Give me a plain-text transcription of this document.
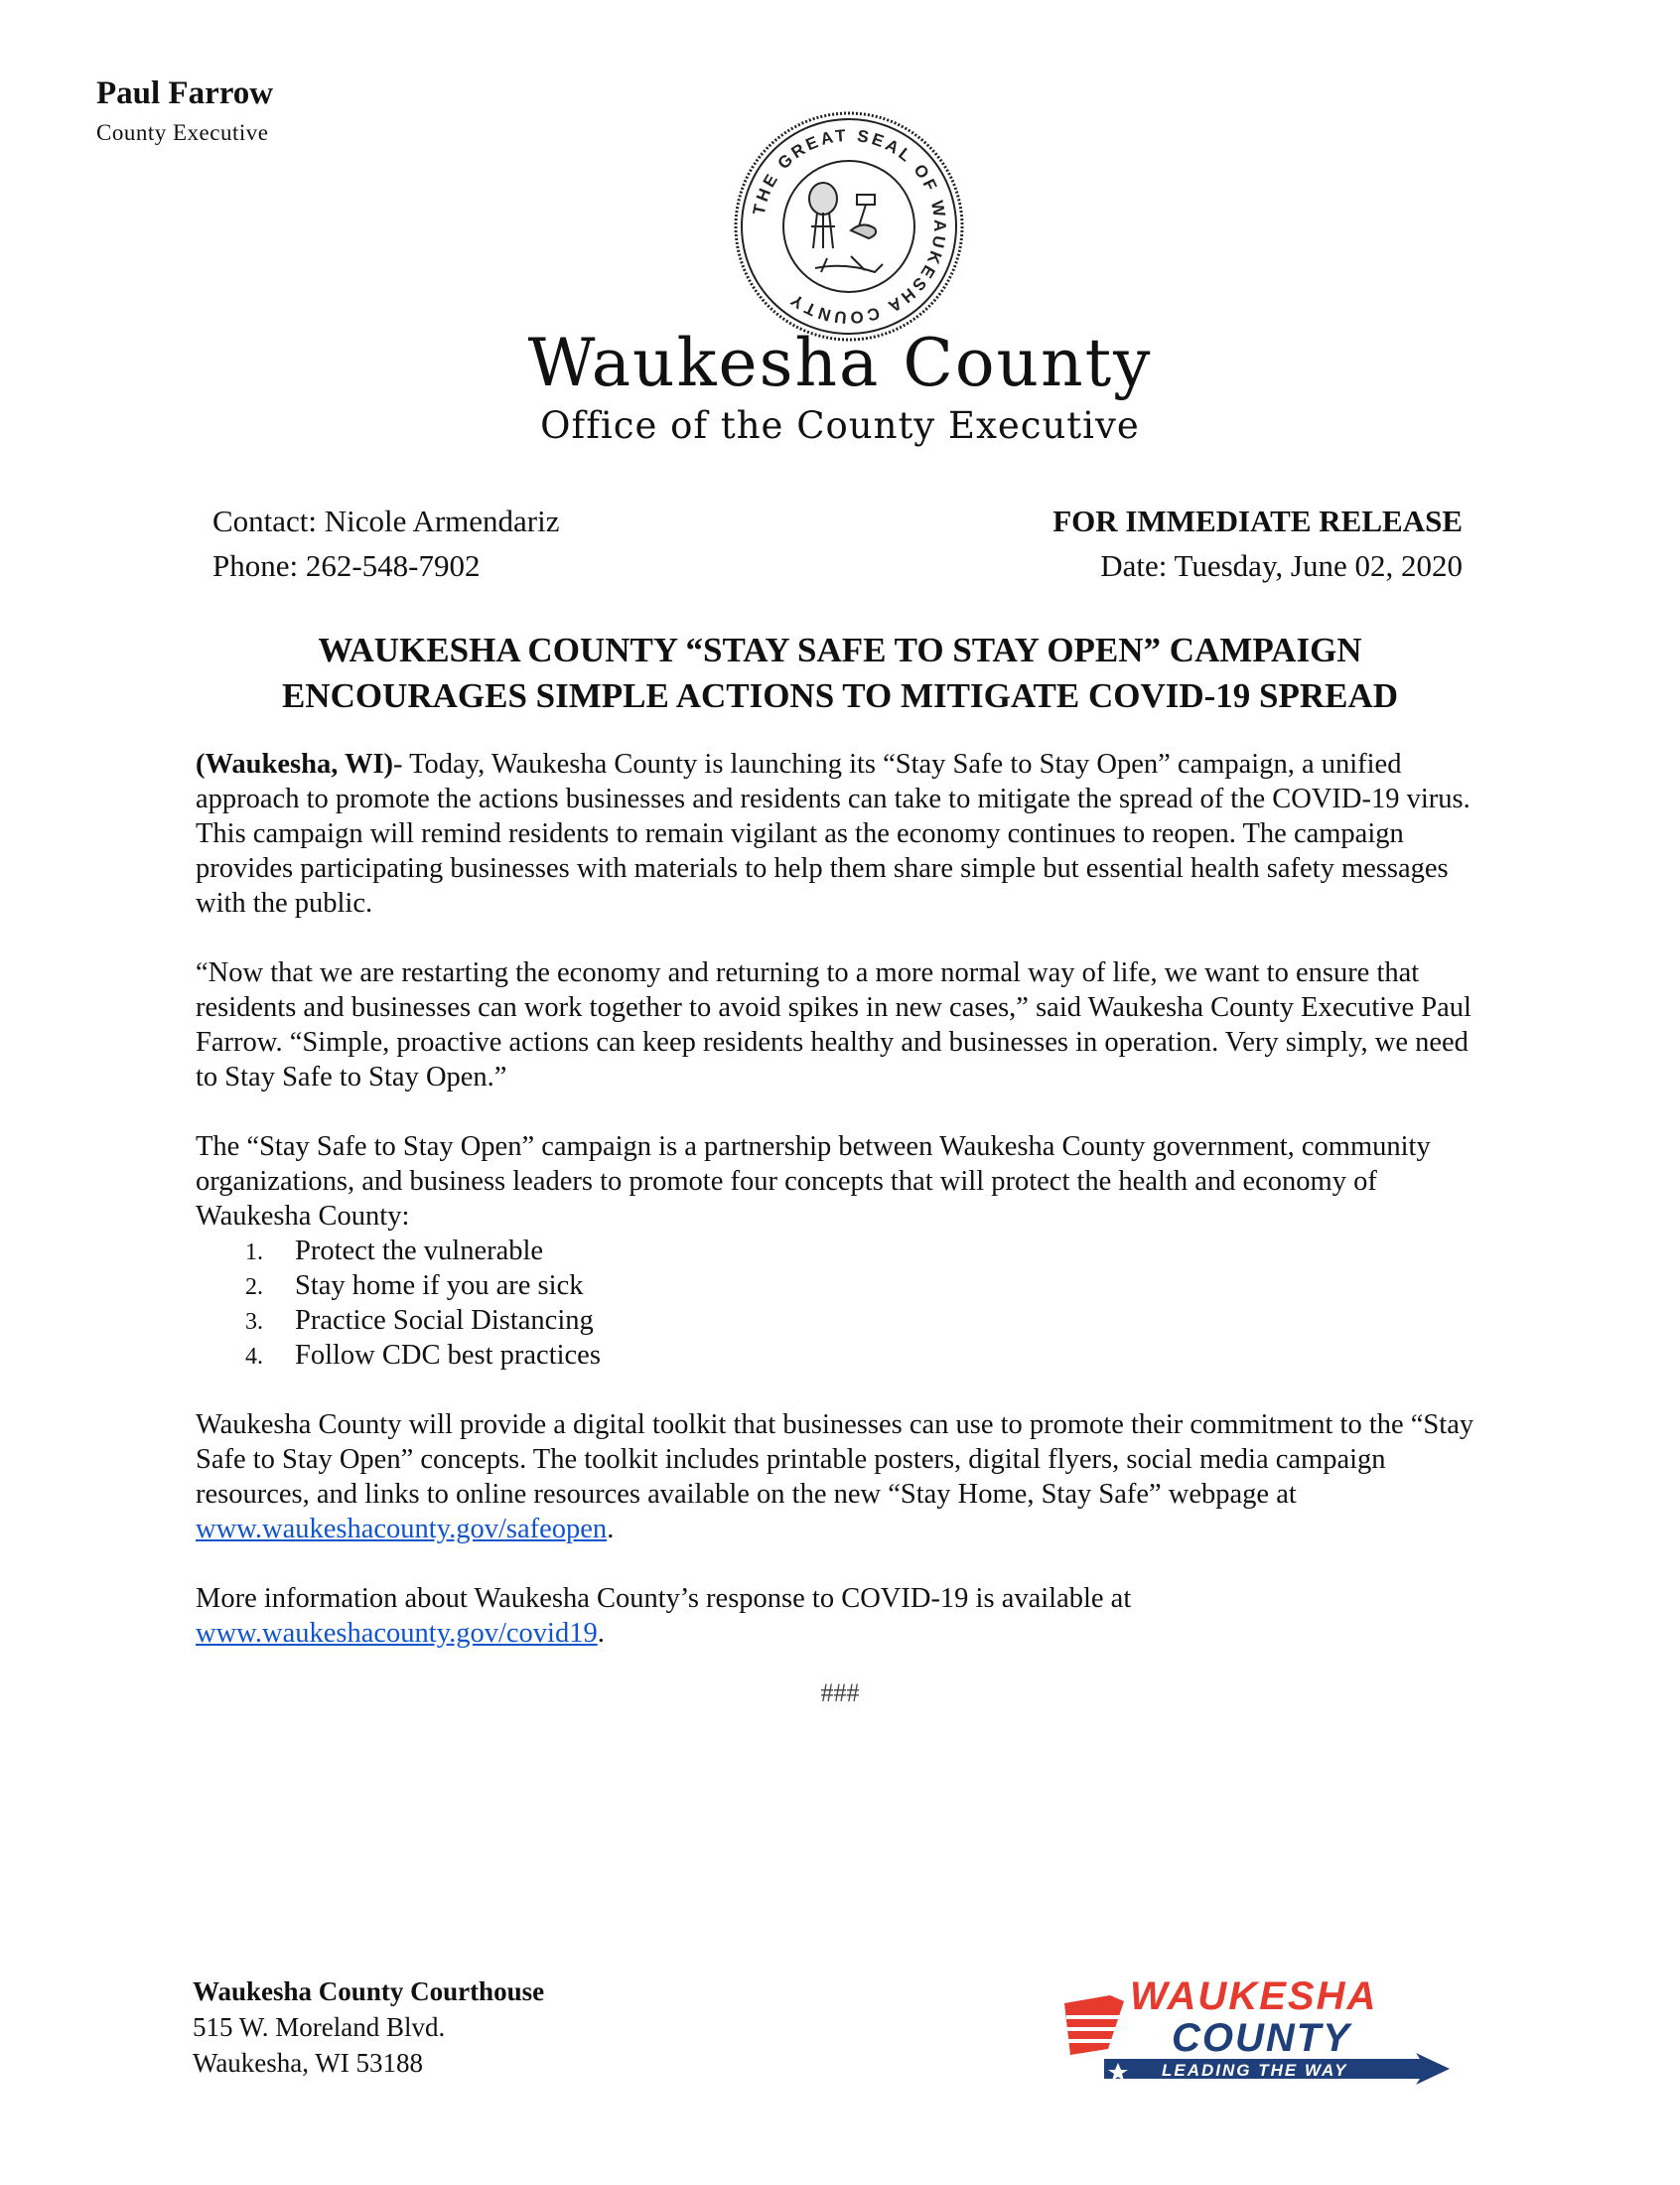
Paul Farrow
County Executive
THE GREAT SEAL OF WAUKESHA COUNTY
Waukesha County
Office of the County Executive
Contact: Nicole Armendariz
Phone: 262-548-7902
FOR IMMEDIATE RELEASE
Date: Tuesday, June 02, 2020
WAUKESHA COUNTY “STAY SAFE TO STAY OPEN” CAMPAIGN
ENCOURAGES SIMPLE ACTIONS TO MITIGATE COVID-19 SPREAD

(Waukesha, WI)- Today, Waukesha County is launching its “Stay Safe to Stay Open” campaign, a unified approach to promote the actions businesses and residents can take to mitigate the spread of the COVID-19 virus. This campaign will remind residents to remain vigilant as the economy continues to reopen. The campaign provides participating businesses with materials to help them share simple but essential health safety messages with the public.

“Now that we are restarting the economy and returning to a more normal way of life, we want to ensure that residents and businesses can work together to avoid spikes in new cases,” said Waukesha County Executive Paul Farrow. “Simple, proactive actions can keep residents healthy and businesses in operation. Very simply, we need to Stay Safe to Stay Open.”

The “Stay Safe to Stay Open” campaign is a partnership between Waukesha County government, community organizations, and business leaders to promote four concepts that will protect the health and economy of Waukesha County:
1. Protect the vulnerable
2. Stay home if you are sick
3. Practice Social Distancing
4. Follow CDC best practices

Waukesha County will provide a digital toolkit that businesses can use to promote their commitment to the “Stay Safe to Stay Open” concepts. The toolkit includes printable posters, digital flyers, social media campaign resources, and links to online resources available on the new “Stay Home, Stay Safe” webpage at www.waukeshacounty.gov/safeopen.

More information about Waukesha County’s response to COVID-19 is available at
www.waukeshacounty.gov/covid19.

###
Waukesha County Courthouse
515 W. Moreland Blvd.
Waukesha, WI 53188
WAUKESHA
COUNTY
LEADING THE WAY
